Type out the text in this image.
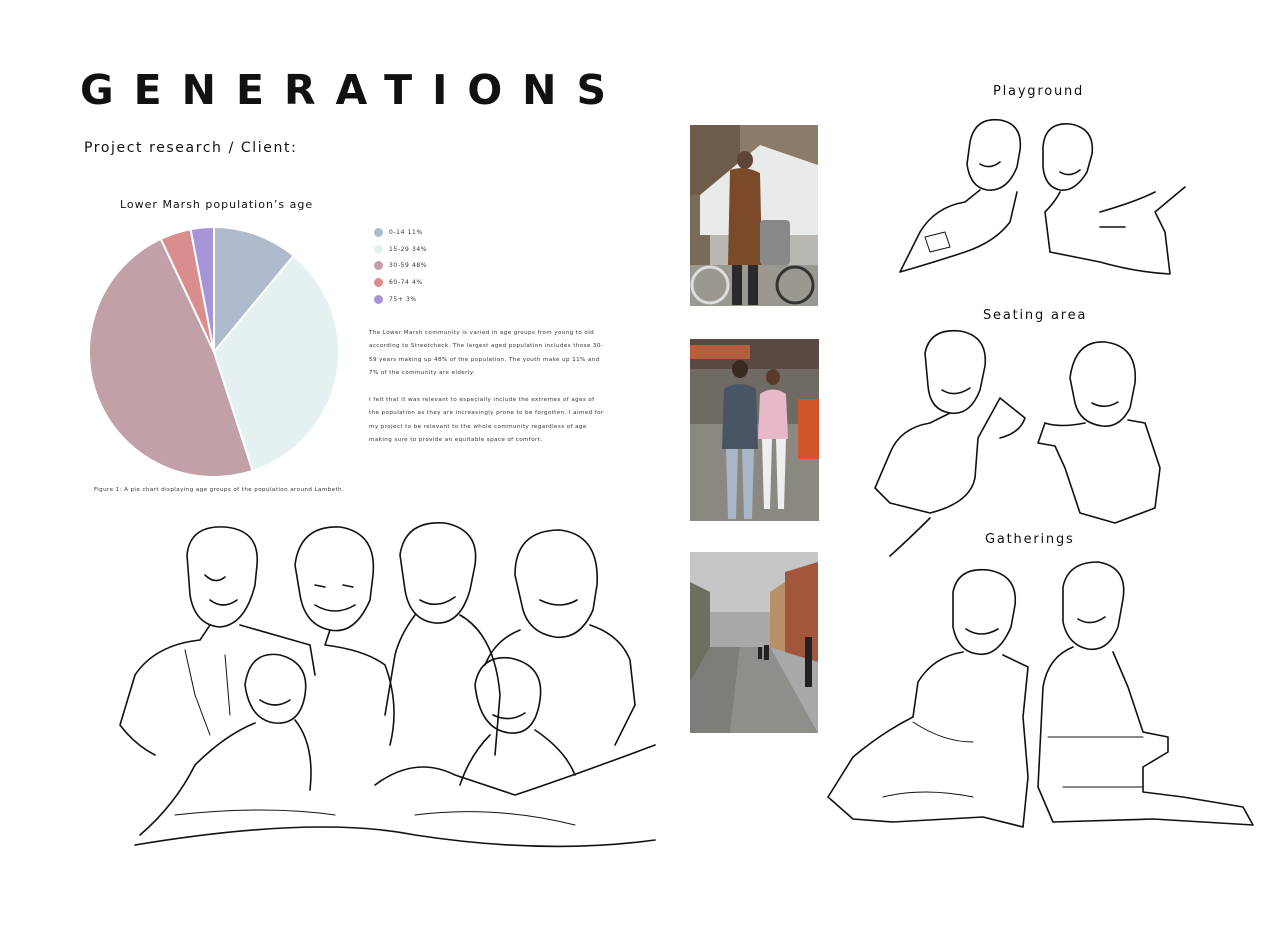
GENERATIONS
Project research / Client:
Lower Marsh population’s age
0-14 11%
15-29 34%
30-59 48%
60-74 4%
75+ 3%
Figure 1: A pie chart displaying age groups of the population around Lambeth.
The Lower Marsh community is varied in age groups from young to old according to Streetcheck. The largest aged population includes those 30-59 years making up 48% of the population. The youth make up 11% and 7% of the community are elderly.
I felt that it was relevant to especially include the extremes of ages of the population as they are increasingly prone to be forgotten. I aimed for my project to be relevant to the whole community regardless of age making sure to provide an equitable space of comfort.
Playground
Seating area
Gatherings
